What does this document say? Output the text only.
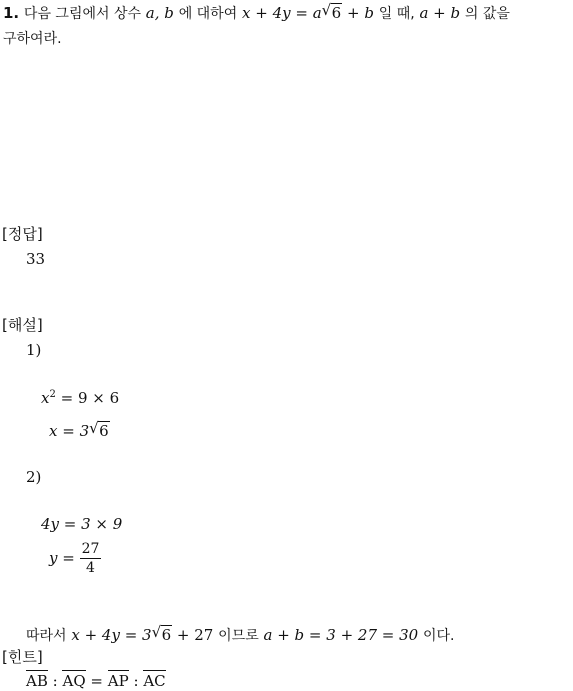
1. 다음 그림에서 상수 a, b 에 대하여 x + 4y = a √ 6 + b 일 때, a + b 의 값을
구하여라.
[정답]
33
[해설]
1)
$x^2 = 9 \times 6$
x = 3 √ 6
2)
4y = 3 × 9
$y = \frac{27}{4}$
따라서 x + 4y = 3 √ 6 + 27 이므로 a + b = 3 + 27 = 30 이다.
[힌트]
AB : AQ = AP : AC
